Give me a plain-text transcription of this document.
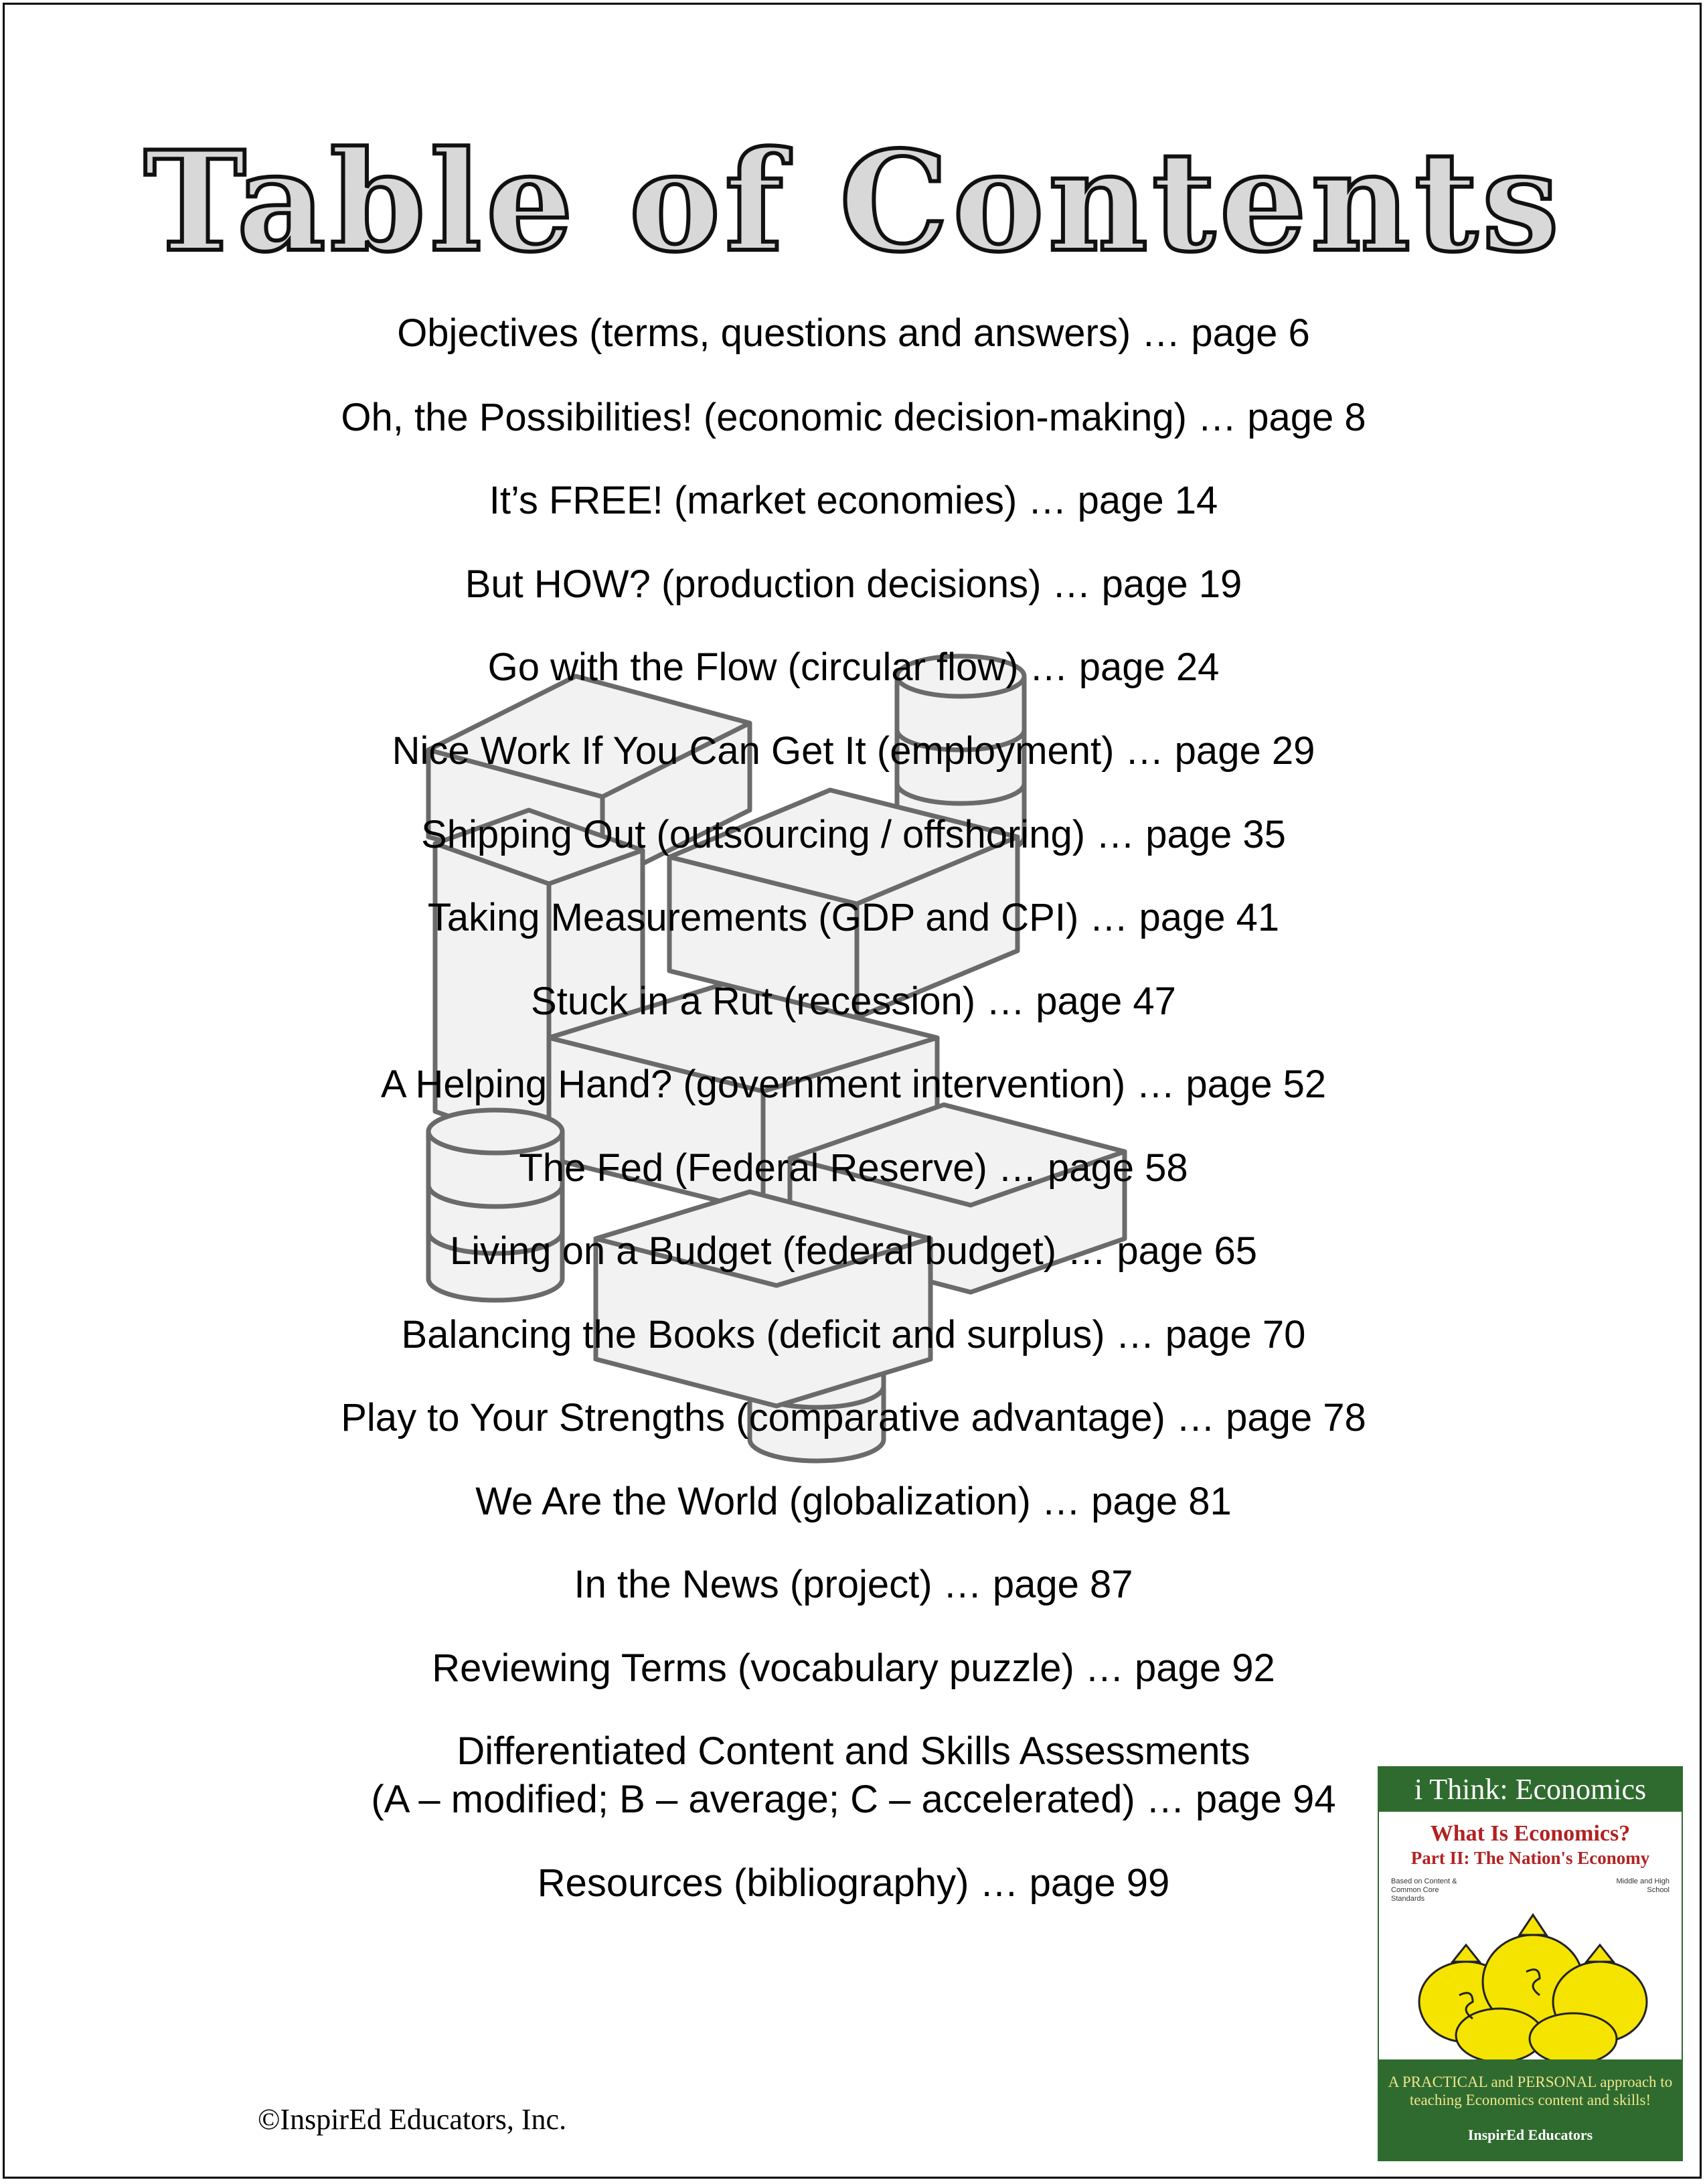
Table of Contents
Objectives (terms, questions and answers) … page 6
Oh, the Possibilities! (economic decision-making) … page 8
It’s FREE! (market economies) … page 14
But HOW? (production decisions) … page 19
Go with the Flow (circular flow) … page 24
Nice Work If You Can Get It (employment) … page 29
Shipping Out (outsourcing / offshoring) … page 35
Taking Measurements (GDP and CPI) … page 41
Stuck in a Rut (recession) … page 47
A Helping Hand? (government intervention) … page 52
The Fed (Federal Reserve) … page 58
Living on a Budget (federal budget) … page 65
Balancing the Books (deficit and surplus) … page 70
Play to Your Strengths (comparative advantage) … page 78
We Are the World (globalization) … page 81
In the News (project) … page 87
Reviewing Terms (vocabulary puzzle) … page 92
Differentiated Content and Skills Assessments
(A – modified; B – average; C – accelerated) … page 94
Resources (bibliography) … page 99
©InspirEd Educators, Inc.
i Think: Economics
What Is Economics?
Part II: The Nation's Economy
Based on Content & Common Core Standards
Middle and High School
A PRACTICAL and PERSONAL approach to teaching Economics content and skills!
InspirEd Educators
